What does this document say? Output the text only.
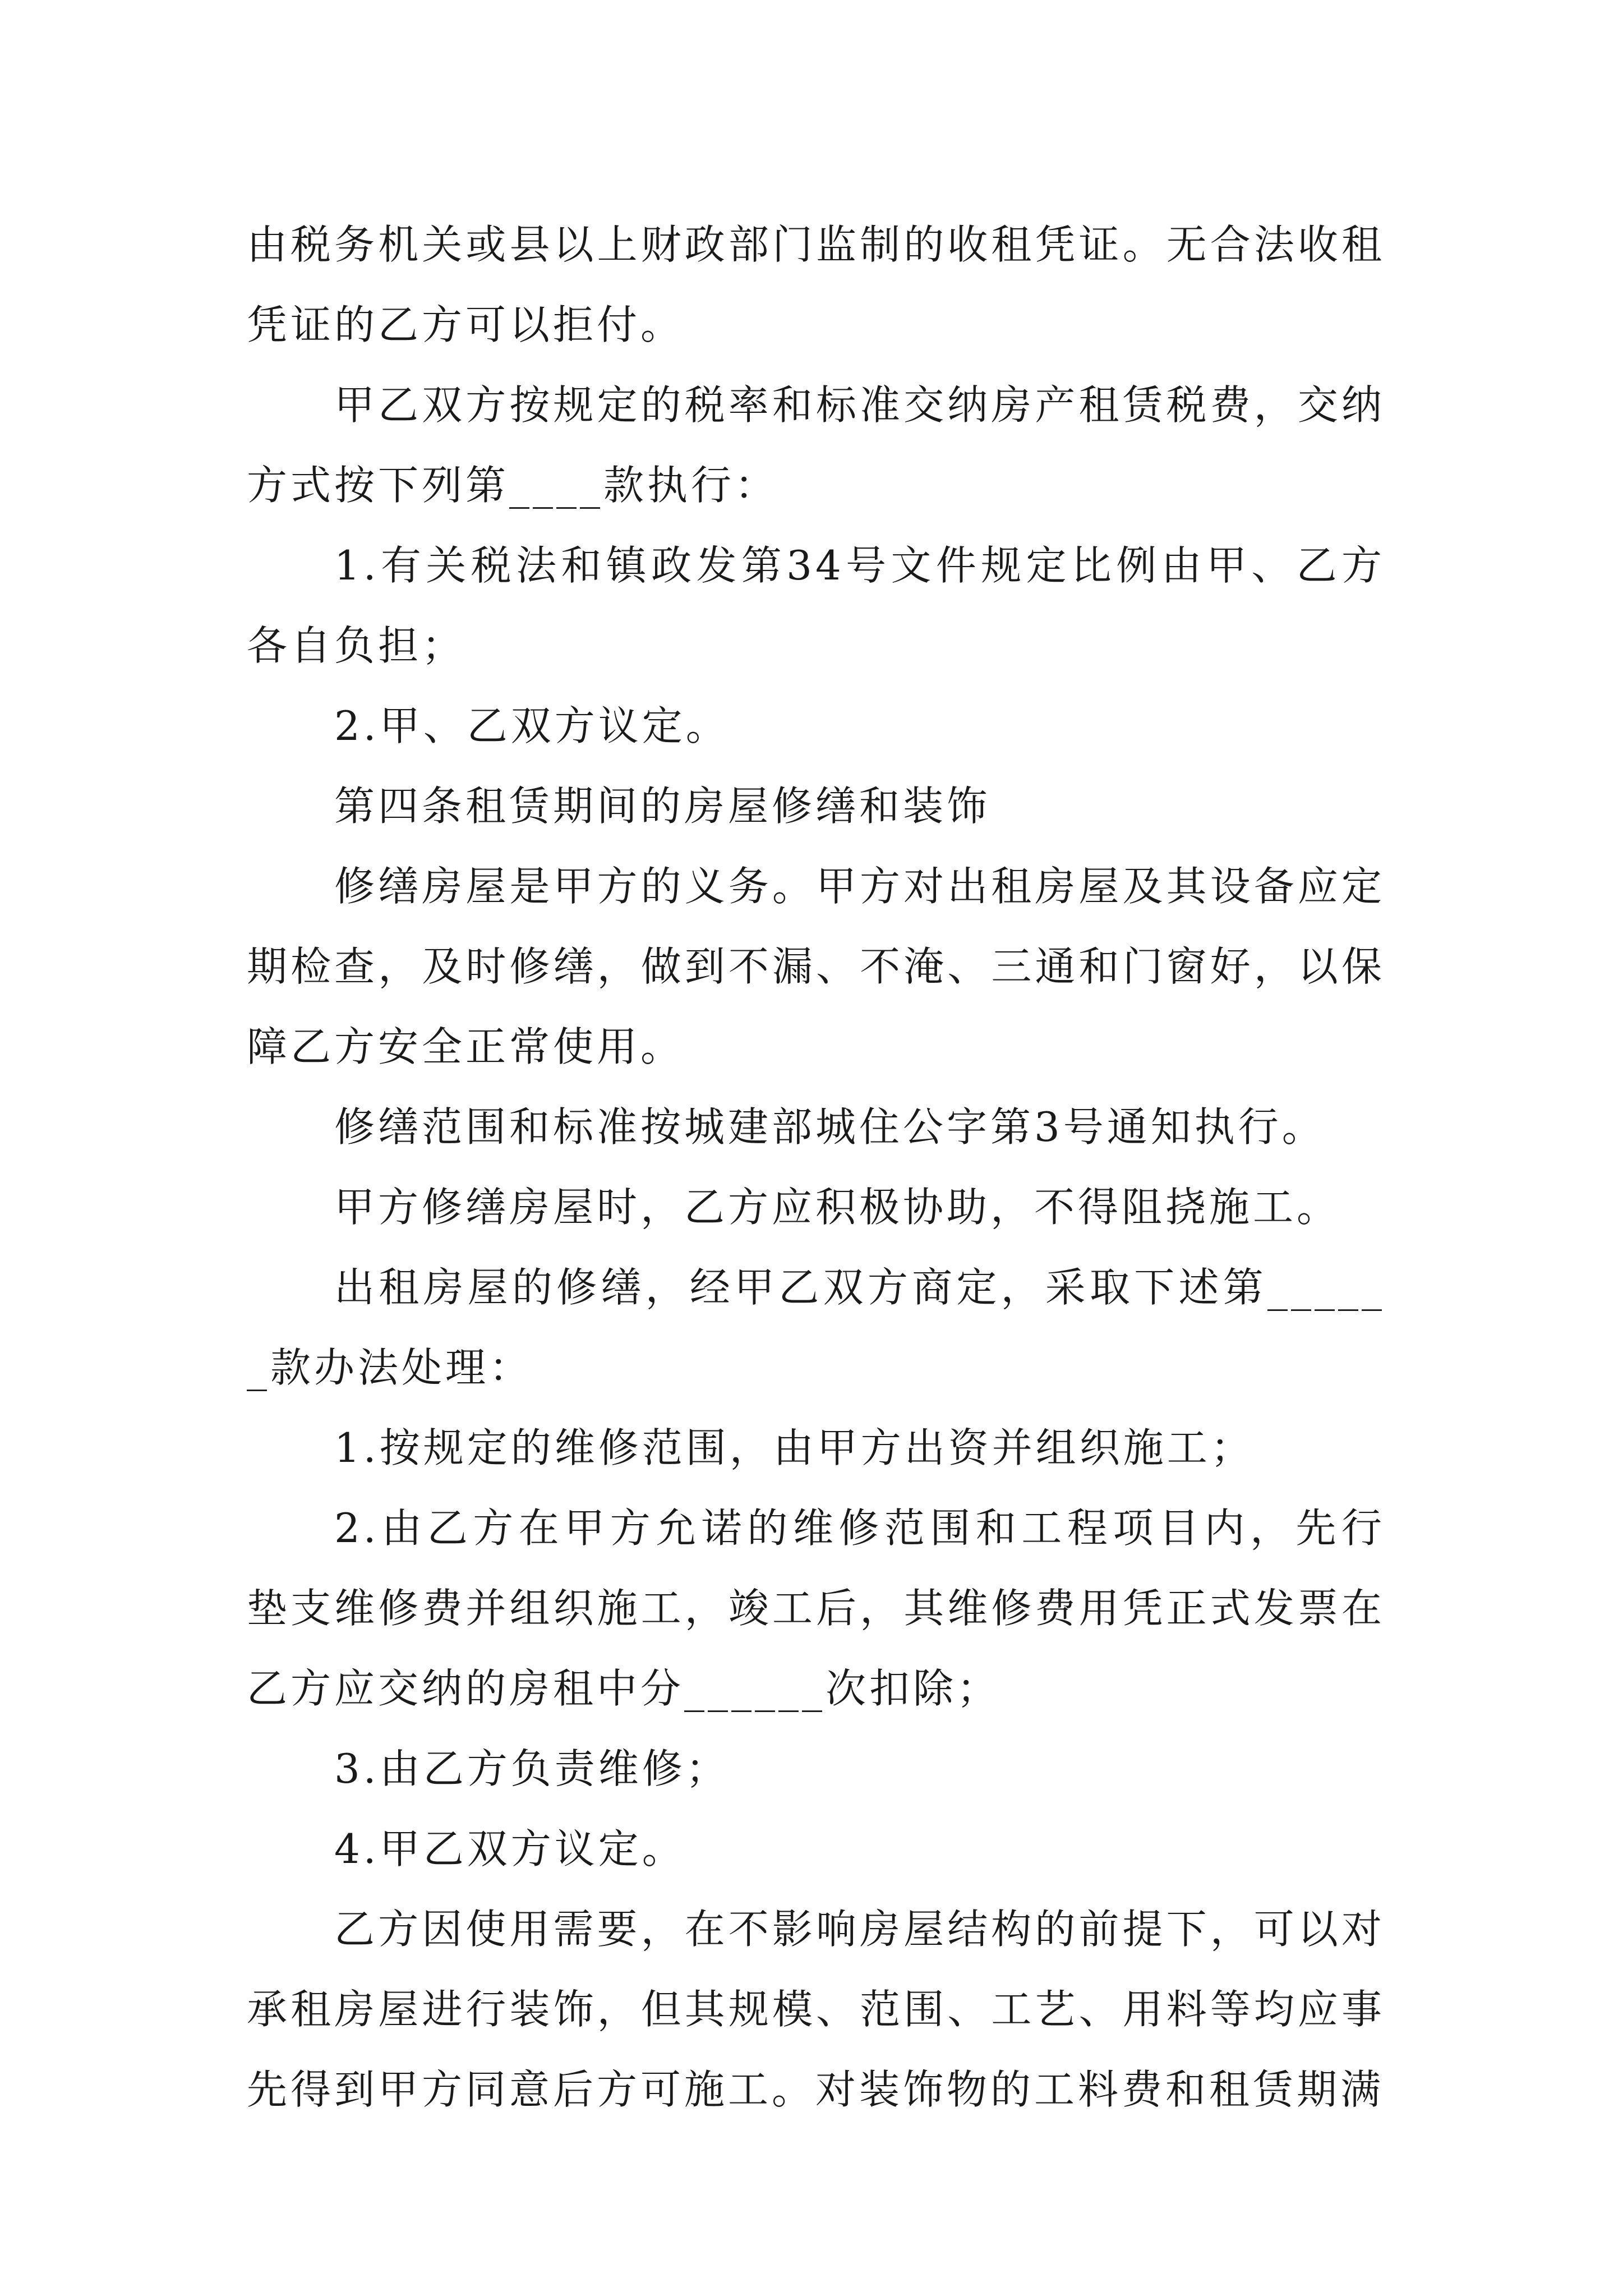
由税务机关或县以上财政部门监制的收租凭证。无合法收租凭证的乙方可以拒付。

甲乙双方按规定的税率和标准交纳房产租赁税费，交纳方式按下列第____款执行：

1.有关税法和镇政发第34号文件规定比例由甲、乙方各自负担；

2.甲、乙双方议定。

第四条租赁期间的房屋修缮和装饰

修缮房屋是甲方的义务。甲方对出租房屋及其设备应定期检查，及时修缮，做到不漏、不淹、三通和门窗好，以保障乙方安全正常使用。

修缮范围和标准按城建部城住公字第3号通知执行。

甲方修缮房屋时，乙方应积极协助，不得阻挠施工。

出租房屋的修缮，经甲乙双方商定，采取下述第______款办法处理：

1.按规定的维修范围，由甲方出资并组织施工；

2.由乙方在甲方允诺的维修范围和工程项目内，先行垫支维修费并组织施工，竣工后，其维修费用凭正式发票在乙方应交纳的房租中分______次扣除；

3.由乙方负责维修；

4.甲乙双方议定。

乙方因使用需要，在不影响房屋结构的前提下，可以对承租房屋进行装饰，但其规模、范围、工艺、用料等均应事先得到甲方同意后方可施工。对装饰物的工料费和租赁期满
